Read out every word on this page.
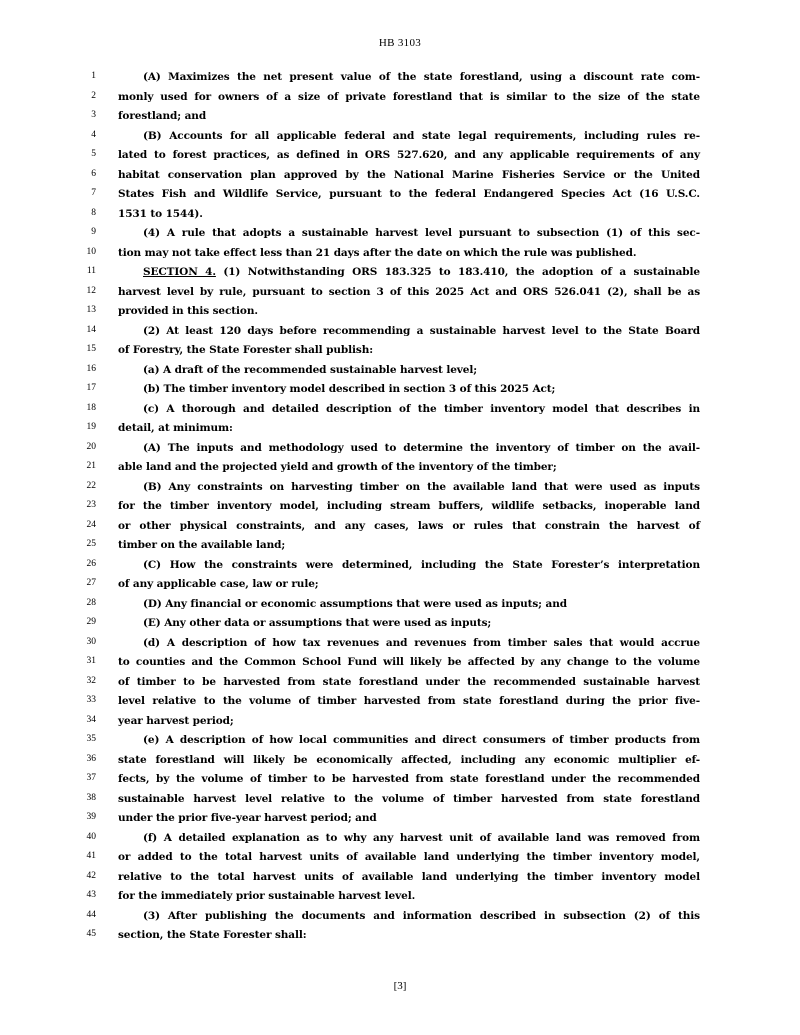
HB 3103
1	(A) Maximizes the net present value of the state forestland, using a discount rate com-
2 monly used for owners of a size of private forestland that is similar to the size of the state
3 forestland; and
4	(B) Accounts for all applicable federal and state legal requirements, including rules re-
5 lated to forest practices, as defined in ORS 527.620, and any applicable requirements of any
6 habitat conservation plan approved by the National Marine Fisheries Service or the United
7 States Fish and Wildlife Service, pursuant to the federal Endangered Species Act (16 U.S.C.
8 1531 to 1544).
9	(4) A rule that adopts a sustainable harvest level pursuant to subsection (1) of this sec-
10 tion may not take effect less than 21 days after the date on which the rule was published.
11	SECTION 4. (1) Notwithstanding ORS 183.325 to 183.410, the adoption of a sustainable
12 harvest level by rule, pursuant to section 3 of this 2025 Act and ORS 526.041 (2), shall be as
13 provided in this section.
14	(2) At least 120 days before recommending a sustainable harvest level to the State Board
15 of Forestry, the State Forester shall publish:
16	(a) A draft of the recommended sustainable harvest level;
17	(b) The timber inventory model described in section 3 of this 2025 Act;
18	(c) A thorough and detailed description of the timber inventory model that describes in
19 detail, at minimum:
20	(A) The inputs and methodology used to determine the inventory of timber on the avail-
21 able land and the projected yield and growth of the inventory of the timber;
22	(B) Any constraints on harvesting timber on the available land that were used as inputs
23 for the timber inventory model, including stream buffers, wildlife setbacks, inoperable land
24 or other physical constraints, and any cases, laws or rules that constrain the harvest of
25 timber on the available land;
26	(C) How the constraints were determined, including the State Forester’s interpretation
27 of any applicable case, law or rule;
28	(D) Any financial or economic assumptions that were used as inputs; and
29	(E) Any other data or assumptions that were used as inputs;
30	(d) A description of how tax revenues and revenues from timber sales that would accrue
31 to counties and the Common School Fund will likely be affected by any change to the volume
32 of timber to be harvested from state forestland under the recommended sustainable harvest
33 level relative to the volume of timber harvested from state forestland during the prior five-
34 year harvest period;
35	(e) A description of how local communities and direct consumers of timber products from
36 state forestland will likely be economically affected, including any economic multiplier ef-
37 fects, by the volume of timber to be harvested from state forestland under the recommended
38 sustainable harvest level relative to the volume of timber harvested from state forestland
39 under the prior five-year harvest period; and
40	(f) A detailed explanation as to why any harvest unit of available land was removed from
41 or added to the total harvest units of available land underlying the timber inventory model,
42 relative to the total harvest units of available land underlying the timber inventory model
43 for the immediately prior sustainable harvest level.
44	(3) After publishing the documents and information described in subsection (2) of this
45 section, the State Forester shall:
[3]
